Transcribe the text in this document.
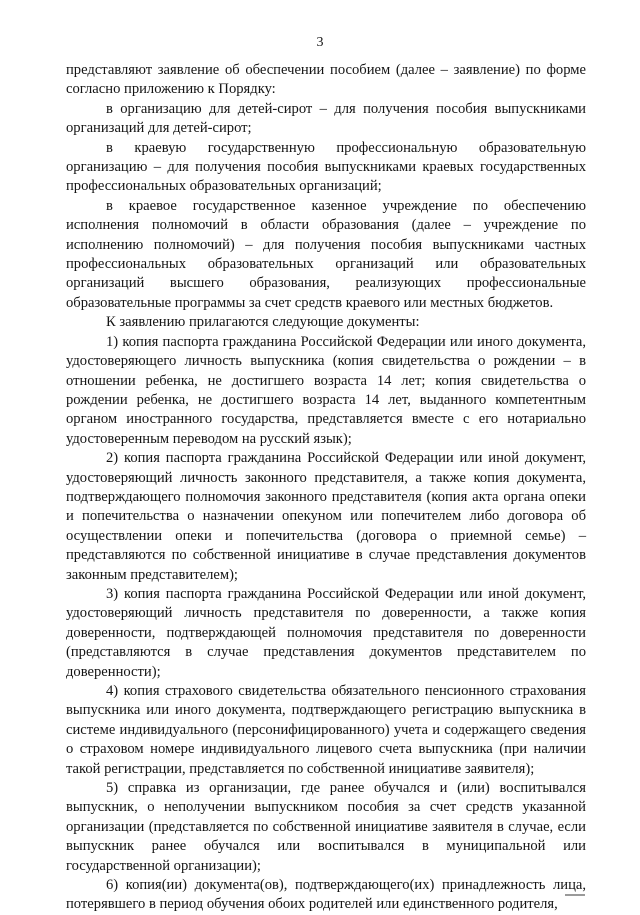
3

представляют заявление об обеспечении пособием (далее – заявление) по форме согласно приложению к Порядку:

в организацию для детей-сирот – для получения пособия выпускниками организаций для детей-сирот;

в краевую государственную профессиональную образовательную организацию – для получения пособия выпускниками краевых государственных профессиональных образовательных организаций;

в краевое государственное казенное учреждение по обеспечению исполнения полномочий в области образования (далее – учреждение по исполнению полномочий) – для получения пособия выпускниками частных профессиональных образовательных организаций или образовательных организаций высшего образования, реализующих профессиональные образовательные программы за счет средств краевого или местных бюджетов.

К заявлению прилагаются следующие документы:

1) копия паспорта гражданина Российской Федерации или иного документа, удостоверяющего личность выпускника (копия свидетельства о рождении – в отношении ребенка, не достигшего возраста 14 лет; копия свидетельства о рождении ребенка, не достигшего возраста 14 лет, выданного компетентным органом иностранного государства, представляется вместе с его нотариально удостоверенным переводом на русский язык);

2) копия паспорта гражданина Российской Федерации или иной документ, удостоверяющий личность законного представителя, а также копия документа, подтверждающего полномочия законного представителя (копия акта органа опеки и попечительства о назначении опекуном или попечителем либо договора об осуществлении опеки и попечительства (договора о приемной семье) – представляются по собственной инициативе в случае представления документов законным представителем);

3) копия паспорта гражданина Российской Федерации или иной документ, удостоверяющий личность представителя по доверенности, а также копия доверенности, подтверждающей полномочия представителя по доверенности (представляются в случае представления документов представителем по доверенности);

4) копия страхового свидетельства обязательного пенсионного страхования выпускника или иного документа, подтверждающего регистрацию выпускника в системе индивидуального (персонифицированного) учета и содержащего сведения о страховом номере индивидуального лицевого счета выпускника (при наличии такой регистрации, представляется по собственной инициативе заявителя);

5) справка из организации, где ранее обучался и (или) воспитывался выпускник, о неполучении выпускником пособия за счет средств указанной организации (представляется по собственной инициативе заявителя в случае, если выпускник ранее обучался или воспитывался в муниципальной или государственной организации);

6) копия(ии) документа(ов), подтверждающего(их) принадлежность лица, потерявшего в период обучения обоих родителей или единственного родителя,
